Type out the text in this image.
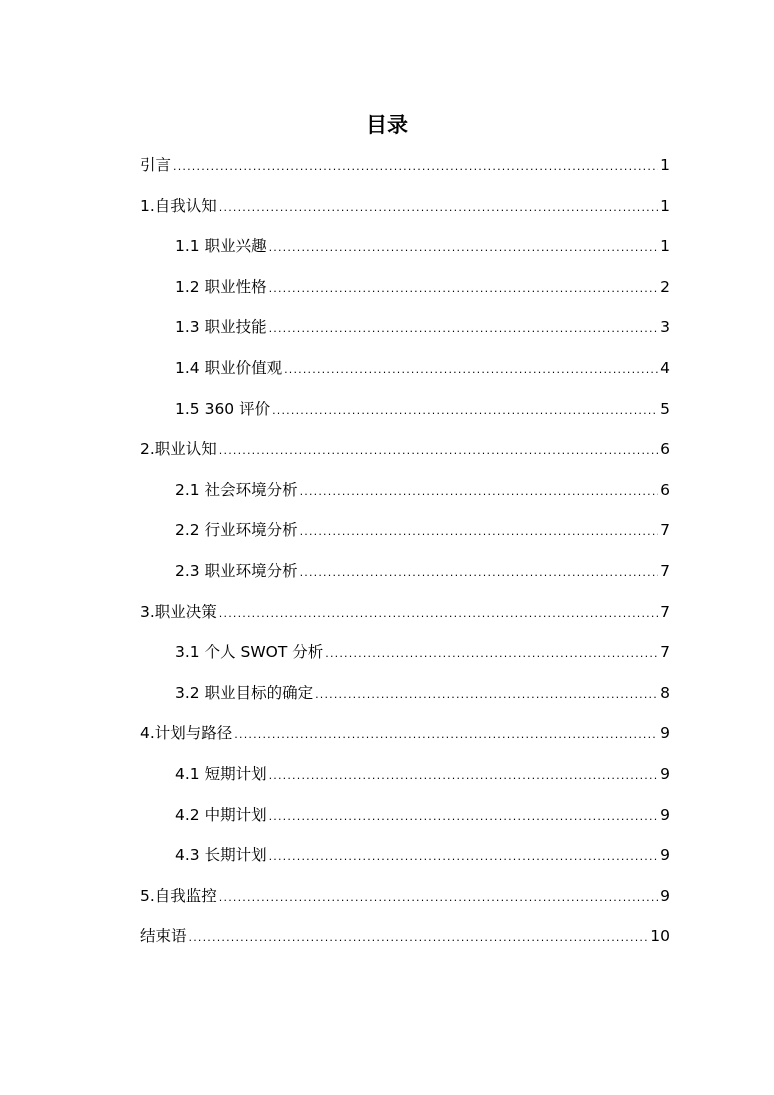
目录
引言 .....	1
1.自我认知 .....	1
1.1 职业兴趣 .....	1
1.2 职业性格 .....	2
1.3 职业技能 .....	3
1.4 职业价值观 .....	4
1.5 360 评价 .....	5
2.职业认知 .....	6
2.1 社会环境分析 .....	6
2.2 行业环境分析 .....	7
2.3 职业环境分析 .....	7
3.职业决策 .....	7
3.1 个人 SWOT 分析 .....	7
3.2 职业目标的确定 .....	8
4.计划与路径 .....	9
4.1 短期计划 .....	9
4.2 中期计划 .....	9
4.3 长期计划 .....	9
5.自我监控 .....	9
结束语 .....	10
